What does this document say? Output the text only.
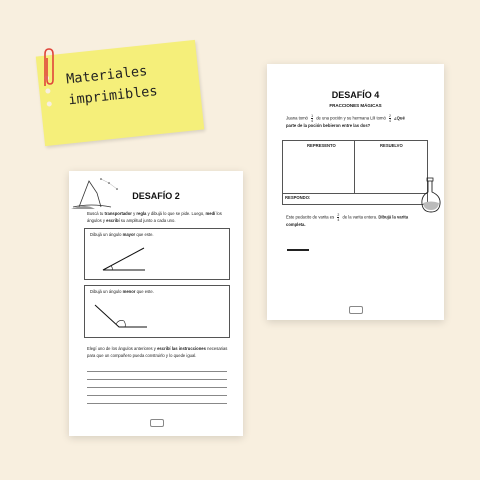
Materiales
imprimibles	DESAFÍO 4
FRACCIONES MÁGICAS
Juana tomó $\frac{1}{4}$ de una poción y su hermana Lili tomó $\frac{2}{4}$ ¿Qué
parte de la poción bebieron entre las dos?
REPRESENTO	RESUELVO
RESPONDO:
Este pedacito de varita es $\frac{2}{4}$ de la varita entera. Dibujá la varita
completa.
DESAFÍO 2
Buscá tu transportador y regla y dibujá lo que se pide. Luego, medí los ángulos y escribí su amplitud junto a cada uno.
Dibujá un ángulo mayor que este.
Dibujá un ángulo menor que este.
Elegí uno de los ángulos anteriores y escribí las instrucciones necesarias para que un compañero pueda construirlo y lo quede igual.
